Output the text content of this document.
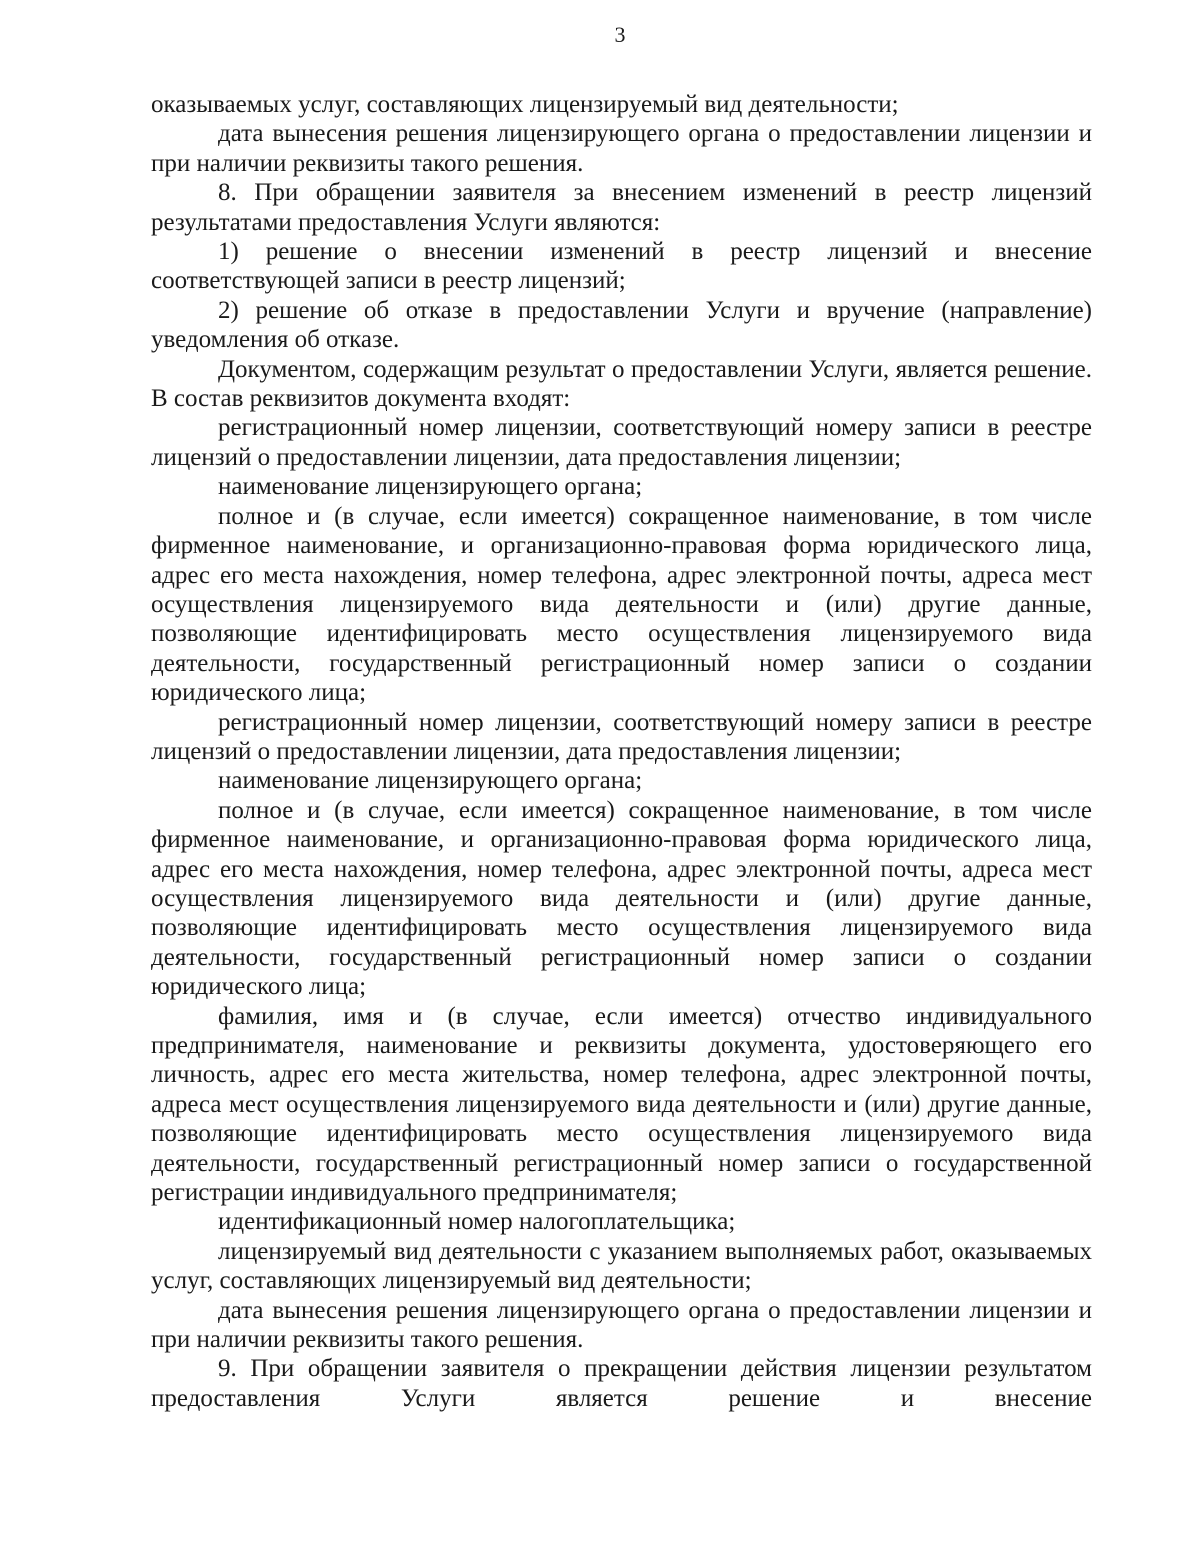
3

оказываемых услуг, составляющих лицензируемый вид деятельности;

дата вынесения решения лицензирующего органа о предоставлении лицензии и при наличии реквизиты такого решения.

8. При обращении заявителя за внесением изменений в реестр лицензий результатами предоставления Услуги являются:

1) решение о внесении изменений в реестр лицензий и внесение соответствующей записи в реестр лицензий;

2) решение об отказе в предоставлении Услуги и вручение (направление) уведомления об отказе.

Документом, содержащим результат о предоставлении Услуги, является решение. В состав реквизитов документа входят:

регистрационный номер лицензии, соответствующий номеру записи в реестре лицензий о предоставлении лицензии, дата предоставления лицензии;

наименование лицензирующего органа;

полное и (в случае, если имеется) сокращенное наименование, в том числе фирменное наименование, и организационно-правовая форма юридического лица, адрес его места нахождения, номер телефона, адрес электронной почты, адреса мест осуществления лицензируемого вида деятельности и (или) другие данные, позволяющие идентифицировать место осуществления лицензируемого вида деятельности, государственный регистрационный номер записи о создании юридического лица;

регистрационный номер лицензии, соответствующий номеру записи в реестре лицензий о предоставлении лицензии, дата предоставления лицензии;

наименование лицензирующего органа;

полное и (в случае, если имеется) сокращенное наименование, в том числе фирменное наименование, и организационно-правовая форма юридического лица, адрес его места нахождения, номер телефона, адрес электронной почты, адреса мест осуществления лицензируемого вида деятельности и (или) другие данные, позволяющие идентифицировать место осуществления лицензируемого вида деятельности, государственный регистрационный номер записи о создании юридического лица;

фамилия, имя и (в случае, если имеется) отчество индивидуального предпринимателя, наименование и реквизиты документа, удостоверяющего его личность, адрес его места жительства, номер телефона, адрес электронной почты, адреса мест осуществления лицензируемого вида деятельности и (или) другие данные, позволяющие идентифицировать место осуществления лицензируемого вида деятельности, государственный регистрационный номер записи о государственной регистрации индивидуального предпринимателя;

идентификационный номер налогоплательщика;

лицензируемый вид деятельности с указанием выполняемых работ, оказываемых услуг, составляющих лицензируемый вид деятельности;

дата вынесения решения лицензирующего органа о предоставлении лицензии и при наличии реквизиты такого решения.

9. При обращении заявителя о прекращении действия лицензии результатом предоставления Услуги является решение и внесение
